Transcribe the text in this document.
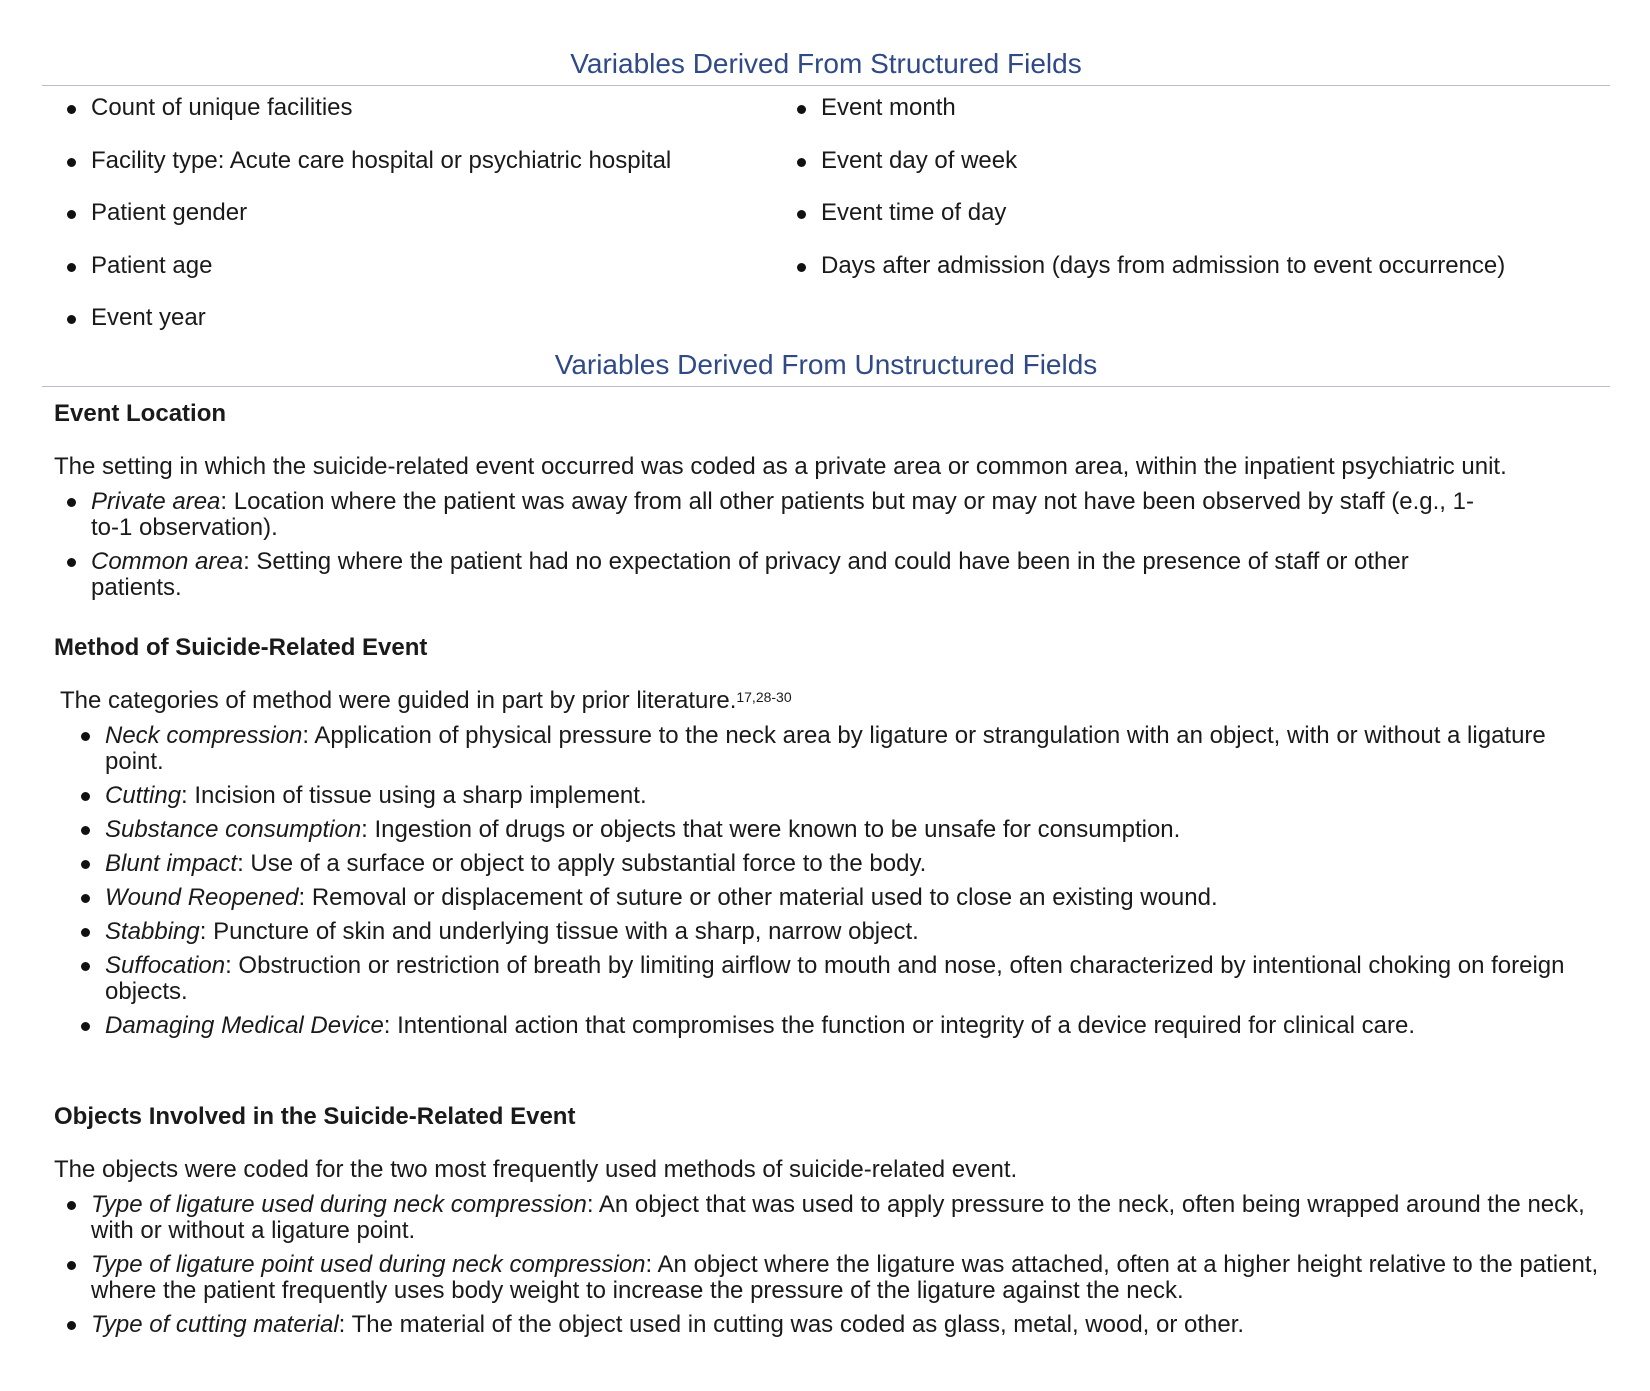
Variables Derived From Structured Fields
Count of unique facilities
Facility type: Acute care hospital or psychiatric hospital
Patient gender
Patient age
Event year
Event month
Event day of week
Event time of day
Days after admission (days from admission to event occurrence)
Variables Derived From Unstructured Fields
Event Location
The setting in which the suicide-related event occurred was coded as a private area or common area, within the inpatient psychiatric unit.
Private area: Location where the patient was away from all other patients but may or may not have been observed by staff (e.g., 1-to-1 observation).
Common area: Setting where the patient had no expectation of privacy and could have been in the presence of staff or other patients.
Method of Suicide-Related Event
The categories of method were guided in part by prior literature.$^{17,28-30}$
Neck compression: Application of physical pressure to the neck area by ligature or strangulation with an object, with or without a ligature point.
Cutting: Incision of tissue using a sharp implement.
Substance consumption: Ingestion of drugs or objects that were known to be unsafe for consumption.
Blunt impact: Use of a surface or object to apply substantial force to the body.
Wound Reopened: Removal or displacement of suture or other material used to close an existing wound.
Stabbing: Puncture of skin and underlying tissue with a sharp, narrow object.
Suffocation: Obstruction or restriction of breath by limiting airflow to mouth and nose, often characterized by intentional choking on foreign objects.
Damaging Medical Device: Intentional action that compromises the function or integrity of a device required for clinical care.
Objects Involved in the Suicide-Related Event
The objects were coded for the two most frequently used methods of suicide-related event.
Type of ligature used during neck compression: An object that was used to apply pressure to the neck, often being wrapped around the neck, with or without a ligature point.
Type of ligature point used during neck compression: An object where the ligature was attached, often at a higher height relative to the patient, where the patient frequently uses body weight to increase the pressure of the ligature against the neck.
Type of cutting material: The material of the object used in cutting was coded as glass, metal, wood, or other.
